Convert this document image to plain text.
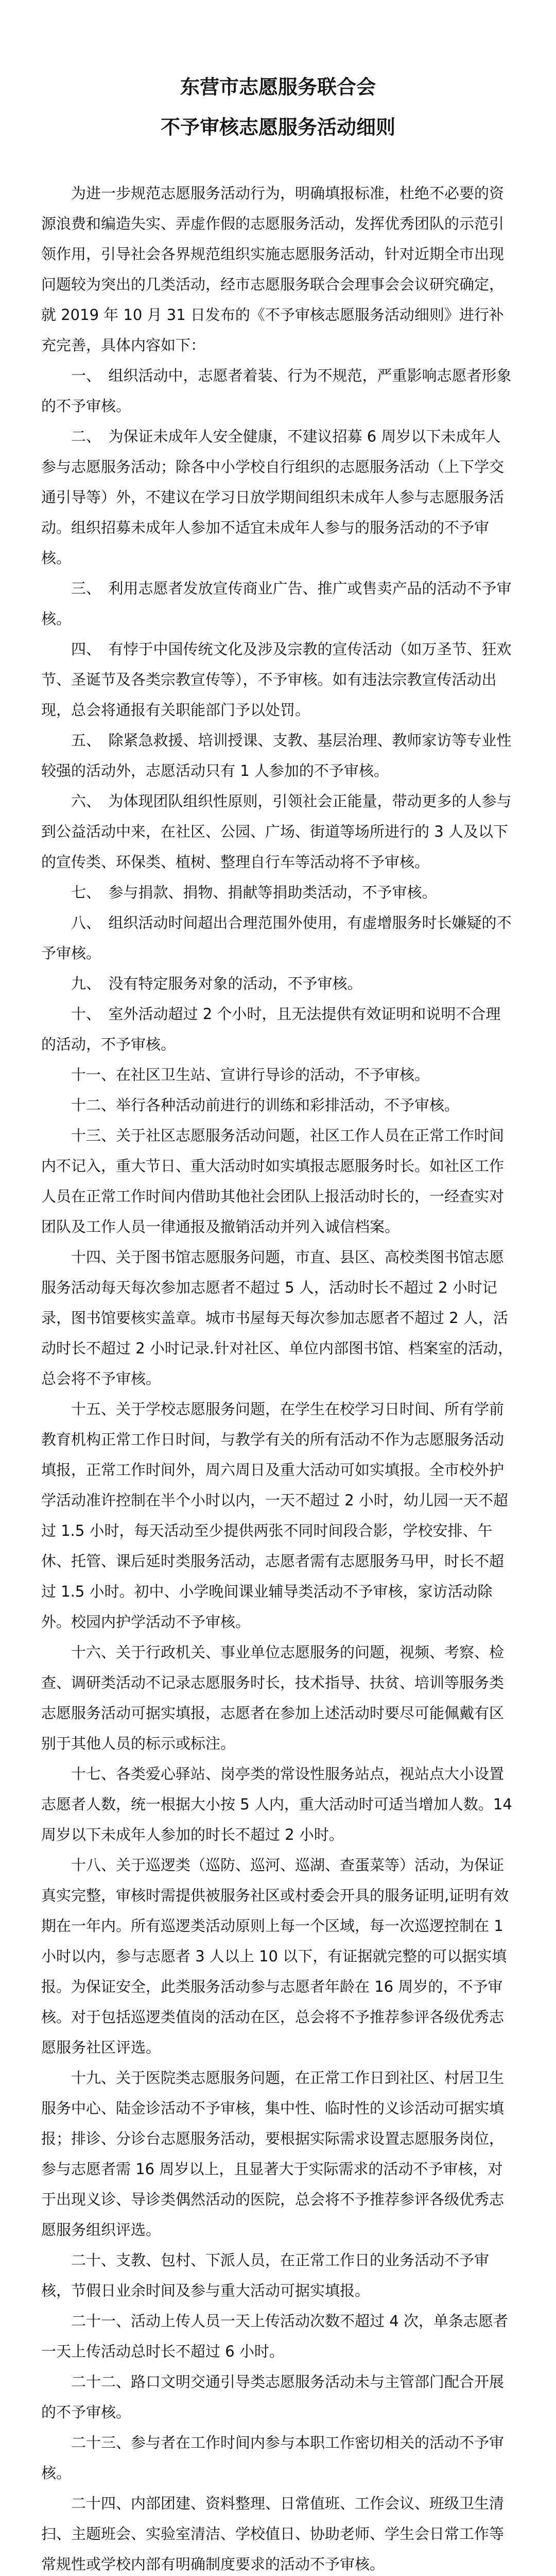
东营市志愿服务联合会
不予审核志愿服务活动细则

为进一步规范志愿服务活动行为，明确填报标准，杜绝不必要的资源浪费和编造失实、弄虚作假的志愿服务活动，发挥优秀团队的示范引领作用，引导社会各界规范组织实施志愿服务活动，针对近期全市出现问题较为突出的几类活动，经市志愿服务联合会理事会会议研究确定，就 2019 年 10 月 31 日发布的《不予审核志愿服务活动细则》进行补充完善，具体内容如下：

一、　组织活动中，志愿者着装、行为不规范，严重影响志愿者形象的不予审核。

二、　为保证未成年人安全健康，不建议招募 6 周岁以下未成年人参与志愿服务活动；除各中小学校自行组织的志愿服务活动（上下学交通引导等）外，不建议在学习日放学期间组织未成年人参与志愿服务活动。组织招募未成年人参加不适宜未成年人参与的服务活动的不予审核。

三、　利用志愿者发放宣传商业广告、推广或售卖产品的活动不予审核。

四、　有悖于中国传统文化及涉及宗教的宣传活动（如万圣节、狂欢节、圣诞节及各类宗教宣传等），不予审核。如有违法宗教宣传活动出现，总会将通报有关职能部门予以处罚。

五、　除紧急救援、培训授课、支教、基层治理、教师家访等专业性较强的活动外，志愿活动只有 1 人参加的不予审核。

六、　为体现团队组织性原则，引领社会正能量，带动更多的人参与到公益活动中来，在社区、公园、广场、街道等场所进行的 3 人及以下的宣传类、环保类、植树、整理自行车等活动将不予审核。

七、　参与捐款、捐物、捐献等捐助类活动，不予审核。

八、　组织活动时间超出合理范围外使用，有虚增服务时长嫌疑的不予审核。

九、　没有特定服务对象的活动，不予审核。

十、　室外活动超过 2 个小时，且无法提供有效证明和说明不合理的活动，不予审核。

十一、在社区卫生站、宣讲行导诊的活动，不予审核。

十二、举行各种活动前进行的训练和彩排活动，不予审核。

十三、关于社区志愿服务活动问题，社区工作人员在正常工作时间内不记入，重大节日、重大活动时如实填报志愿服务时长。如社区工作人员在正常工作时间内借助其他社会团队上报活动时长的，一经查实对团队及工作人员一律通报及撤销活动并列入诚信档案。

十四、关于图书馆志愿服务问题，市直、县区、高校类图书馆志愿服务活动每天每次参加志愿者不超过 5 人，活动时长不超过 2 小时记录，图书馆要核实盖章。城市书屋每天每次参加志愿者不超过 2 人，活动时长不超过 2 小时记录.针对社区、单位内部图书馆、档案室的活动，总会将不予审核。

十五、关于学校志愿服务问题，在学生在校学习日时间、所有学前教育机构正常工作日时间，与教学有关的所有活动不作为志愿服务活动填报，正常工作时间外，周六周日及重大活动可如实填报。全市校外护学活动准许控制在半个小时以内，一天不超过 2 小时，幼儿园一天不超过 1.5 小时，每天活动至少提供两张不同时间段合影，学校安排、午休、托管、课后延时类服务活动，志愿者需有志愿服务马甲，时长不超过 1.5 小时。初中、小学晚间课业辅导类活动不予审核，家访活动除外。校园内护学活动不予审核。

十六、关于行政机关、事业单位志愿服务的问题，视频、考察、检查、调研类活动不记录志愿服务时长，技术指导、扶贫、培训等服务类志愿服务活动可据实填报，志愿者在参加上述活动时要尽可能佩戴有区别于其他人员的标示或标注。

十七、各类爱心驿站、岗亭类的常设性服务站点，视站点大小设置志愿者人数，统一根据大小按 5 人内，重大活动时可适当增加人数。14 周岁以下未成年人参加的时长不超过 2 小时。

十八、关于巡逻类（巡防、巡河、巡湖、查蛋菜等）活动，为保证真实完整，审核时需提供被服务社区或村委会开具的服务证明,证明有效期在一年内。所有巡逻类活动原则上每一个区域，每一次巡逻控制在 1 小时以内，参与志愿者 3 人以上 10 以下，有证据就完整的可以据实填报。为保证安全，此类服务活动参与志愿者年龄在 16 周岁的，不予审核。对于包括巡逻类值岗的活动在区，总会将不予推荐参评各级优秀志愿服务社区评选。

十九、关于医院类志愿服务问题，在正常工作日到社区、村居卫生服务中心、陆金诊活动不予审核，集中性、临时性的义诊活动可据实填报；排诊、分诊台志愿服务活动，要根据实际需求设置志愿服务岗位，参与志愿者需 16 周岁以上，且显著大于实际需求的活动不予审核，对于出现义诊、导诊类偶然活动的医院，总会将不予推荐参评各级优秀志愿服务组织评选。

二十、支教、包村、下派人员，在正常工作日的业务活动不予审核，节假日业余时间及参与重大活动可据实填报。

二十一、活动上传人员一天上传活动次数不超过 4 次，单条志愿者一天上传活动总时长不超过 6 小时。

二十二、路口文明交通引导类志愿服务活动未与主管部门配合开展的不予审核。

二十三、参与者在工作时间内参与本职工作密切相关的活动不予审核。

二十四、内部团建、资料整理、日常值班、工作会议、班级卫生清扫、主题班会、实验室清洁、学校值日、协助老师、学生会日常工作等常规性或学校内部有明确制度要求的活动不予审核。
